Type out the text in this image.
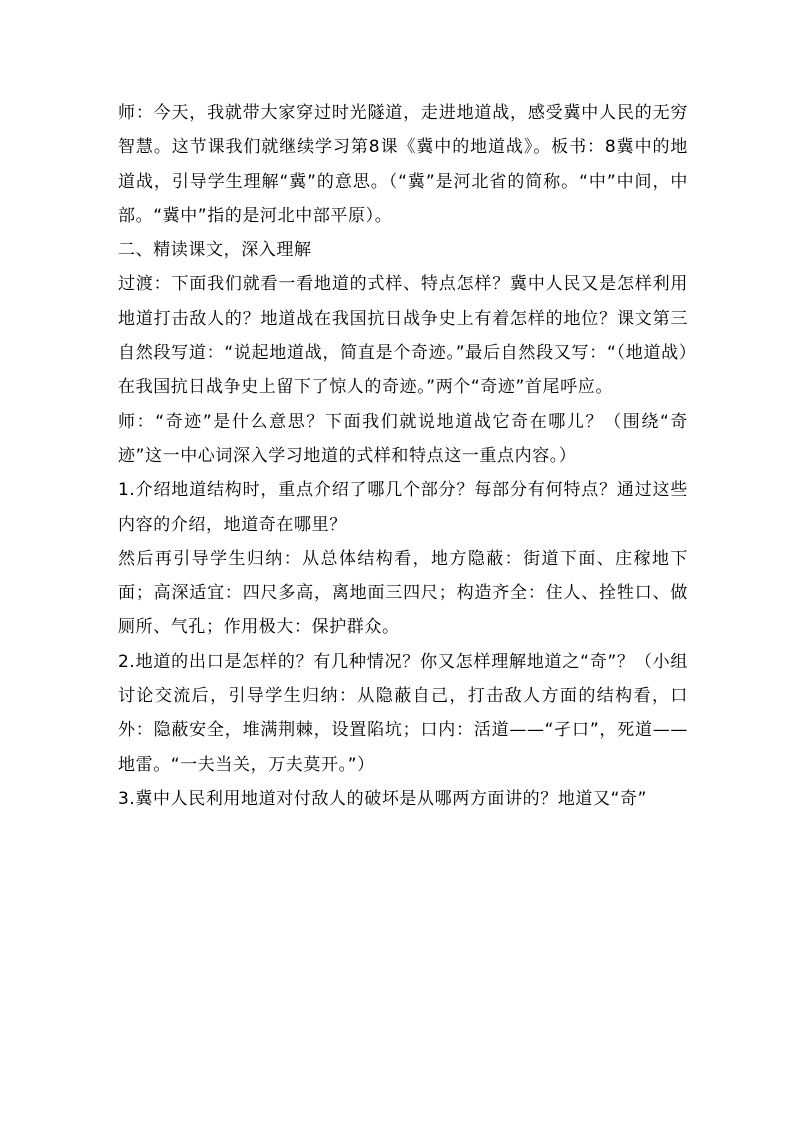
师：今天，我就带大家穿过时光隧道，走进地道战，感受冀中人民的无穷智慧。这节课我们就继续学习第8课《冀中的地道战》。板书：8冀中的地道战，引导学生理解“冀”的意思。（“冀”是河北省的简称。“中”中间，中部。“冀中”指的是河北中部平原）。

二、精读课文，深入理解

过渡：下面我们就看一看地道的式样、特点怎样？冀中人民又是怎样利用地道打击敌人的？地道战在我国抗日战争史上有着怎样的地位？课文第三自然段写道：“说起地道战，简直是个奇迹。”最后自然段又写：“（地道战）在我国抗日战争史上留下了惊人的奇迹。”两个“奇迹”首尾呼应。

师：“奇迹”是什么意思？下面我们就说地道战它奇在哪儿？（围绕“奇迹”这一中心词深入学习地道的式样和特点这一重点内容。）

1.介绍地道结构时，重点介绍了哪几个部分？每部分有何特点？通过这些内容的介绍，地道奇在哪里？

然后再引导学生归纳：从总体结构看，地方隐蔽：街道下面、庄稼地下面；高深适宜：四尺多高，离地面三四尺；构造齐全：住人、拴牲口、做厕所、气孔；作用极大：保护群众。

2.地道的出口是怎样的？有几种情况？你又怎样理解地道之“奇”？（小组讨论交流后，引导学生归纳：从隐蔽自己，打击敌人方面的结构看，口外：隐蔽安全，堆满荆棘，设置陷坑；口内：活道——“孑口”，死道——地雷。“一夫当关，万夫莫开。”）

3.冀中人民利用地道对付敌人的破坏是从哪两方面讲的？地道又“奇”
